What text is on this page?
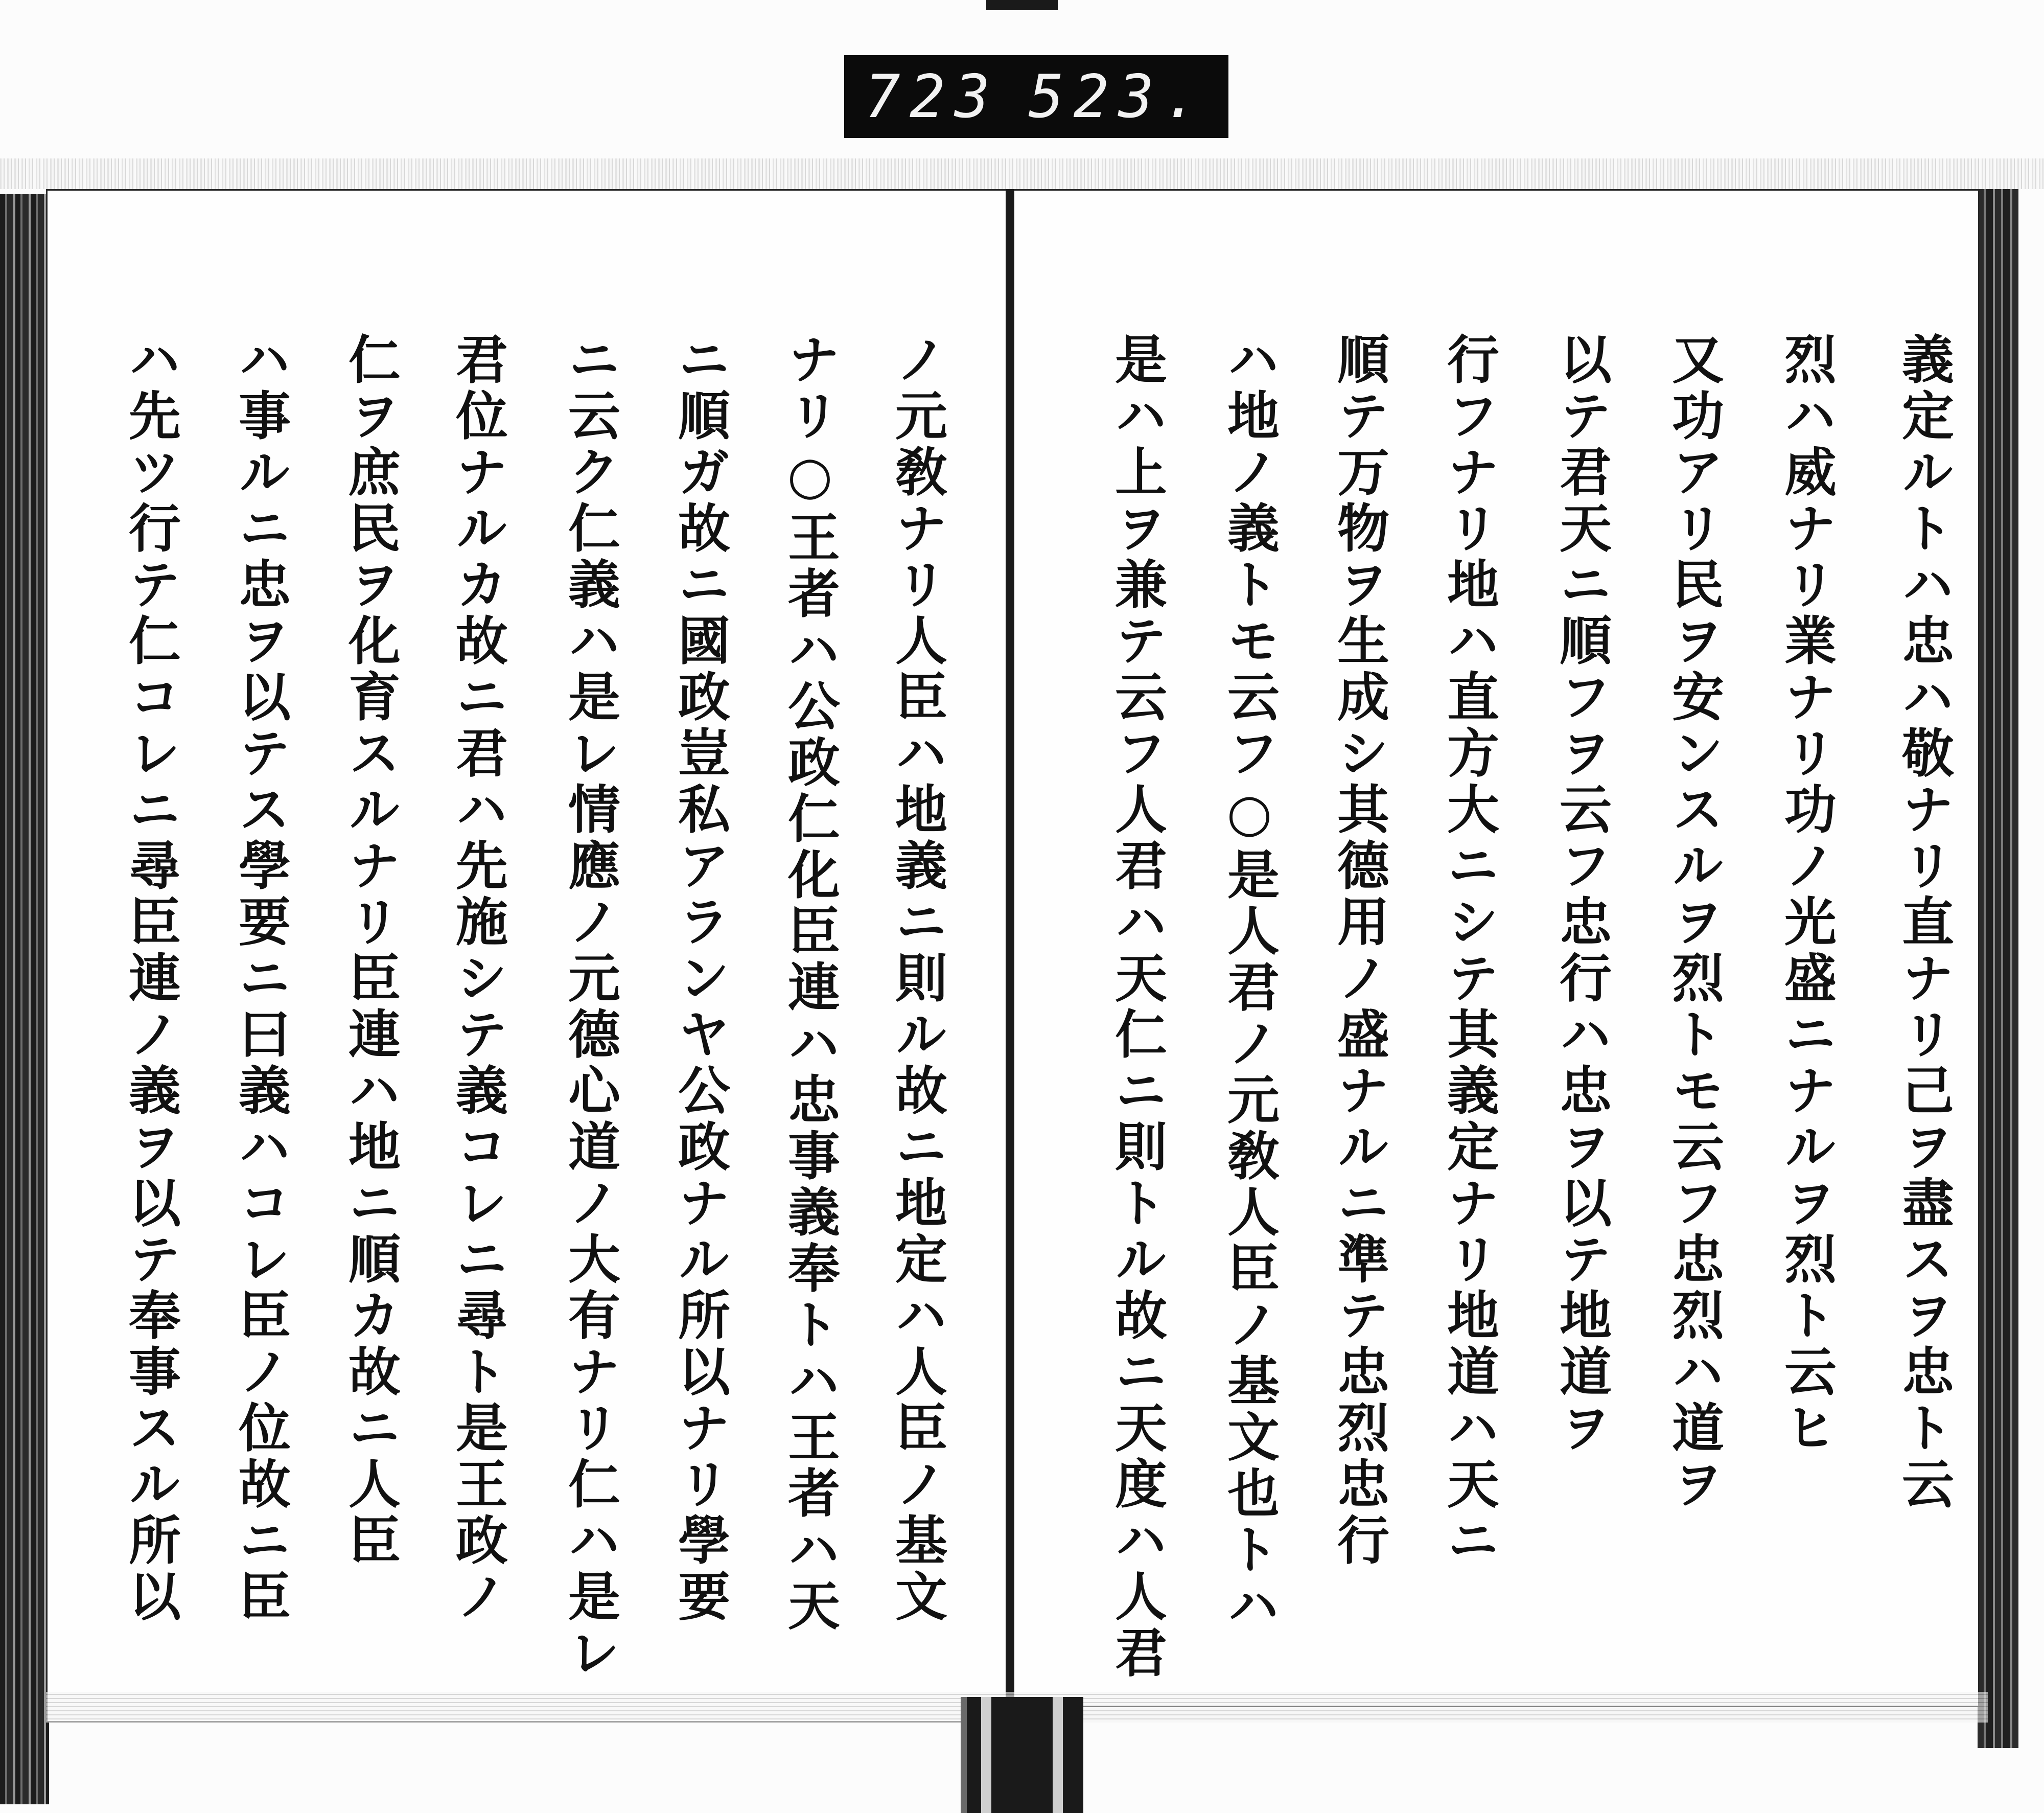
723 523.
義定ルトハ忠ハ敬ナリ直ナリ己ヲ盡スヲ忠ト云
烈ハ威ナリ業ナリ功ノ光盛ニナルヲ烈ト云ヒ
又功アリ民ヲ安ンスルヲ烈トモ云フ忠烈ハ道ヲ
以テ君天ニ順フヲ云フ忠行ハ忠ヲ以テ地道ヲ
行フナリ地ハ直方大ニシテ其義定ナリ地道ハ天ニ
順テ万物ヲ生成シ其德用ノ盛ナルニ準テ忠烈忠行
ハ地ノ義トモ云フ○是人君ノ元敎人臣ノ基文也トハ
是ハ上ヲ兼テ云フ人君ハ天仁ニ則トル故ニ天度ハ人君
ノ元敎ナリ人臣ハ地義ニ則ル故ニ地定ハ人臣ノ基文
ナリ○王者ハ公政仁化臣連ハ忠事義奉トハ王者ハ天
ニ順ガ故ニ國政豈私アランヤ公政ナル所以ナリ學要
ニ云ク仁義ハ是レ情應ノ元德心道ノ大有ナリ仁ハ是レ
君位ナルカ故ニ君ハ先施シテ義コレニ尋ト是王政ノ
仁ヲ庶民ヲ化育スルナリ臣連ハ地ニ順カ故ニ人臣
ハ事ルニ忠ヲ以テス學要ニ曰義ハコレ臣ノ位故ニ臣
ハ先ツ行テ仁コレニ尋臣連ノ義ヲ以テ奉事スル所以
